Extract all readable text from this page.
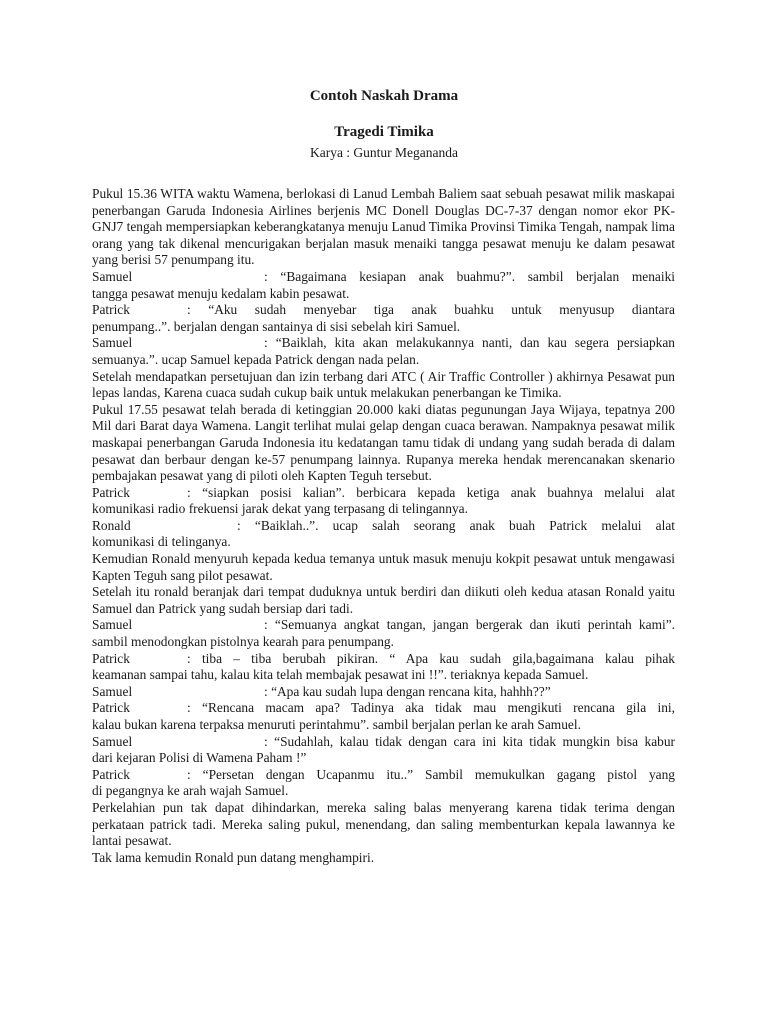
Contoh Naskah Drama
Tragedi Timika
Karya : Guntur Megananda

Pukul 15.36 WITA waktu Wamena, berlokasi di Lanud Lembah Baliem saat sebuah pesawat milik maskapai penerbangan Garuda Indonesia Airlines berjenis MC Donell Douglas DC-7-37 dengan nomor ekor PK-GNJ7 tengah mempersiapkan keberangkatanya menuju Lanud Timika Provinsi Timika Tengah, nampak lima orang yang tak dikenal mencurigakan berjalan masuk menaiki tangga pesawat menuju ke dalam pesawat yang berisi 57 penumpang itu.

Samuel	: “Bagaimana kesiapan anak buahmu?”. sambil berjalan menaiki

tangga pesawat menuju kedalam kabin pesawat.

Patrick	: “Aku sudah menyebar tiga anak buahku untuk menyusup diantara

penumpang..”. berjalan dengan santainya di sisi sebelah kiri Samuel.

Samuel	: “Baiklah, kita akan melakukannya nanti, dan kau segera persiapkan

semuanya.”. ucap Samuel kepada Patrick dengan nada pelan.

Setelah mendapatkan persetujuan dan izin terbang dari ATC ( Air Traffic Controller ) akhirnya Pesawat pun lepas landas, Karena cuaca sudah cukup baik untuk melakukan penerbangan ke Timika.

Pukul 17.55 pesawat telah berada di ketinggian 20.000 kaki diatas pegunungan Jaya Wijaya, tepatnya 200 Mil dari Barat daya Wamena. Langit terlihat mulai gelap dengan cuaca berawan. Nampaknya pesawat milik maskapai penerbangan Garuda Indonesia itu kedatangan tamu tidak di undang yang sudah berada di dalam pesawat dan berbaur dengan ke-57 penumpang lainnya. Rupanya mereka hendak merencanakan skenario pembajakan pesawat yang di piloti oleh Kapten Teguh tersebut.

Patrick	: “siapkan posisi kalian”. berbicara kepada ketiga anak buahnya melalui alat

komunikasi radio frekuensi jarak dekat yang terpasang di telingannya.

Ronald	: “Baiklah..”. ucap salah seorang anak buah Patrick melalui alat

komunikasi di telinganya.

Kemudian Ronald menyuruh kepada kedua temanya untuk masuk menuju kokpit pesawat untuk mengawasi Kapten Teguh sang pilot pesawat.

Setelah itu ronald beranjak dari tempat duduknya untuk berdiri dan diikuti oleh kedua atasan Ronald yaitu Samuel dan Patrick yang sudah bersiap dari tadi.

Samuel	: “Semuanya angkat tangan, jangan bergerak dan ikuti perintah kami”.

sambil menodongkan pistolnya kearah para penumpang.

Patrick	: tiba – tiba berubah pikiran. “ Apa kau sudah gila,bagaimana kalau pihak

keamanan sampai tahu, kalau kita telah membajak pesawat ini !!”. teriaknya kepada Samuel.

Samuel	: “Apa kau sudah lupa dengan rencana kita, hahhh??”
Patrick	: “Rencana macam apa? Tadinya aka tidak mau mengikuti rencana gila ini,

kalau bukan karena terpaksa menuruti perintahmu”. sambil berjalan perlan ke arah Samuel.

Samuel	: “Sudahlah, kalau tidak dengan cara ini kita tidak mungkin bisa kabur

dari kejaran Polisi di Wamena Paham !”

Patrick	: “Persetan dengan Ucapanmu itu..” Sambil memukulkan gagang pistol yang

di pegangnya ke arah wajah Samuel.

Perkelahian pun tak dapat dihindarkan, mereka saling balas menyerang karena tidak terima dengan perkataan patrick tadi. Mereka saling pukul, menendang, dan saling membenturkan kepala lawannya ke lantai pesawat.

Tak lama kemudin Ronald pun datang menghampiri.
